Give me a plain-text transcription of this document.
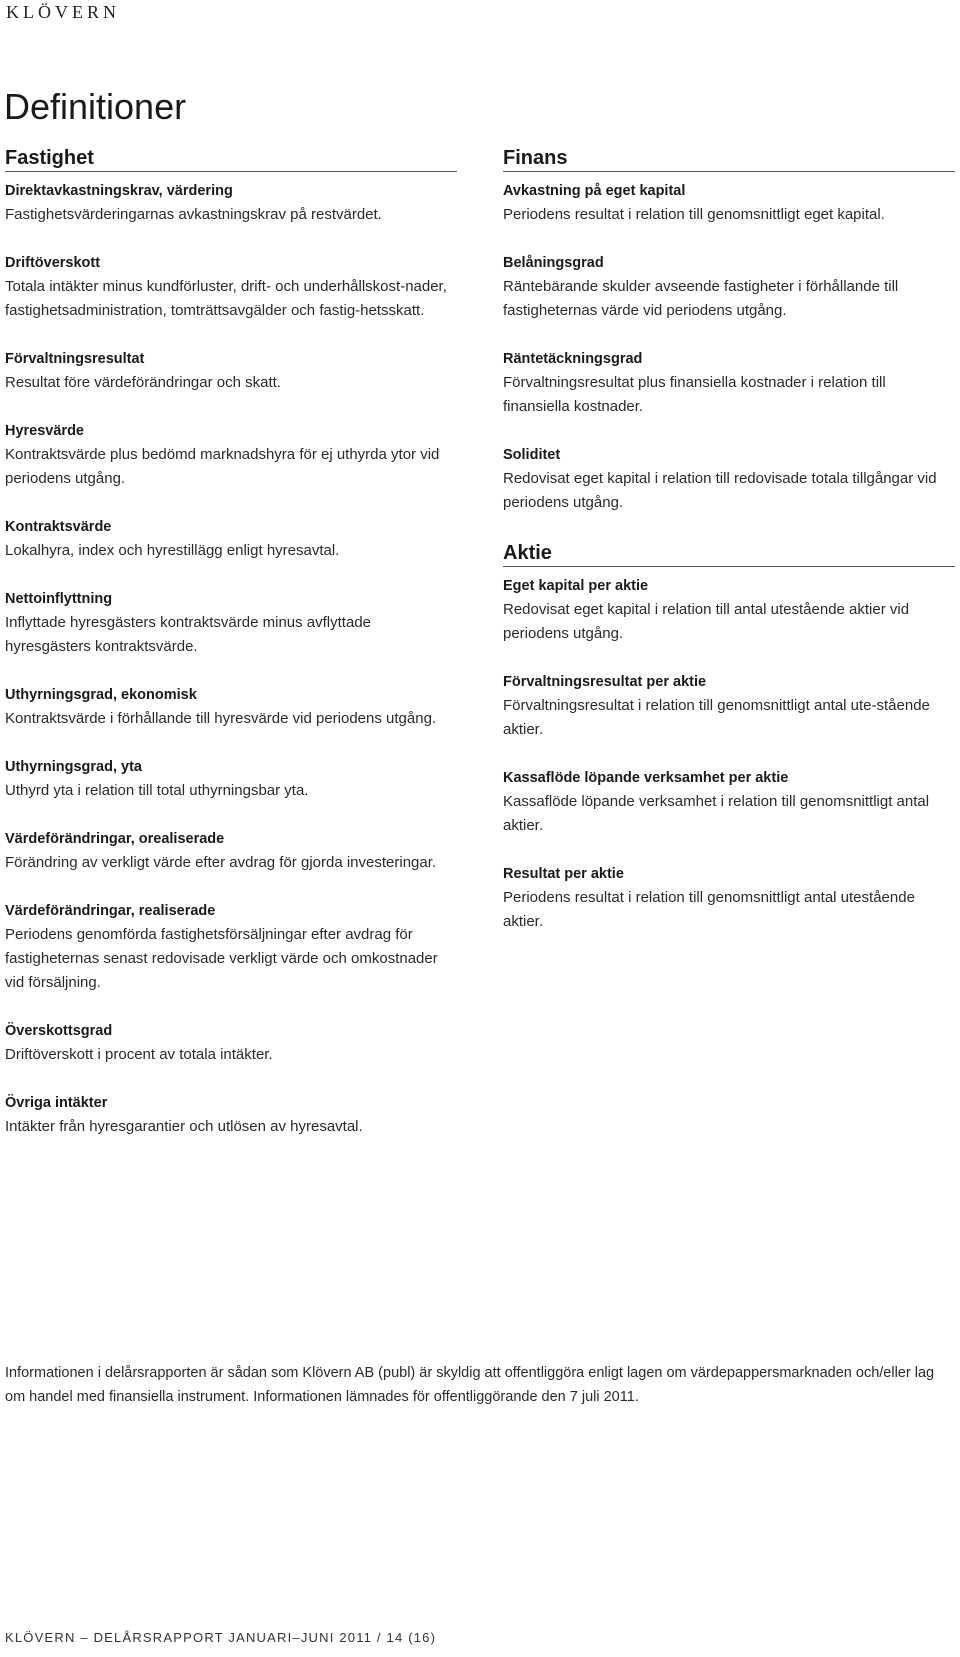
KLÖVERN
Definitioner
Fastighet
Direktavkastningskrav, värdering
Fastighetsvärderingarnas avkastningskrav på restvärdet.
Driftöverskott
Totala intäkter minus kundförluster, drift- och underhållskost-nader, fastighetsadministration, tomträttsavgälder och fastig-hetsskatt.
Förvaltningsresultat
Resultat före värdeförändringar och skatt.
Hyresvärde
Kontraktsvärde plus bedömd marknadshyra för ej uthyrda ytor vid periodens utgång.
Kontraktsvärde
Lokalhyra, index och hyrestillägg enligt hyresavtal.
Nettoinflyttning
Inflyttade hyresgästers kontraktsvärde minus avflyttade hyresgästers kontraktsvärde.
Uthyrningsgrad, ekonomisk
Kontraktsvärde i förhållande till hyresvärde vid periodens utgång.
Uthyrningsgrad, yta
Uthyrd yta i relation till total uthyrningsbar yta.
Värdeförändringar, orealiserade
Förändring av verkligt värde efter avdrag för gjorda investeringar.
Värdeförändringar, realiserade
Periodens genomförda fastighetsförsäljningar efter avdrag för fastigheternas senast redovisade verkligt värde och omkostnader vid försäljning.
Överskottsgrad
Driftöverskott i procent av totala intäkter.
Övriga intäkter
Intäkter från hyresgarantier och utlösen av hyresavtal.
Finans
Avkastning på eget kapital
Periodens resultat i relation till genomsnittligt eget kapital.
Belåningsgrad
Räntebärande skulder avseende fastigheter i förhållande till fastigheternas värde vid periodens utgång.
Räntetäckningsgrad
Förvaltningsresultat plus finansiella kostnader i relation till finansiella kostnader.
Soliditet
Redovisat eget kapital i relation till redovisade totala tillgångar vid periodens utgång.
Aktie
Eget kapital per aktie
Redovisat eget kapital i relation till antal utestående aktier vid periodens utgång.
Förvaltningsresultat per aktie
Förvaltningsresultat i relation till genomsnittligt antal ute-stående aktier.
Kassaflöde löpande verksamhet per aktie
Kassaflöde löpande verksamhet i relation till genomsnittligt antal aktier.
Resultat per aktie
Periodens resultat i relation till genomsnittligt antal utestående aktier.
Informationen i delårsrapporten är sådan som Klövern AB (publ) är skyldig att offentliggöra enligt lagen om värdepappersmarknaden och/eller lag om handel med finansiella instrument. Informationen lämnades för offentliggörande den 7 juli 2011.
KLÖVERN – DELÅRSRAPPORT JANUARI–JUNI 2011 / 14 (16)
